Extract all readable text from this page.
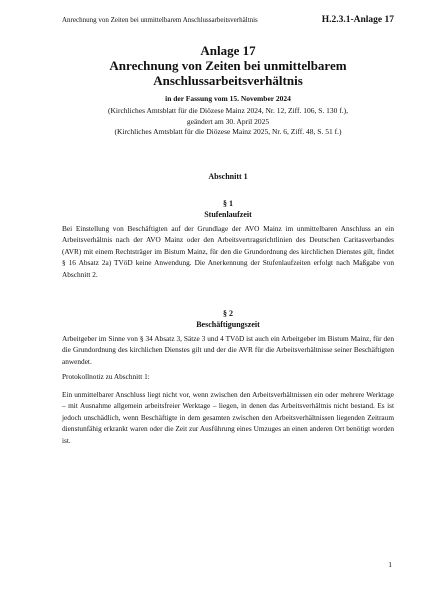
Anrechnung von Zeiten bei unmittelbarem Anschlussarbeitsverhältnis	H.2.3.1-Anlage 17
Anlage 17
Anrechnung von Zeiten bei unmittelbarem
Anschlussarbeitsverhältnis
in der Fassung vom 15. November 2024
(Kirchliches Amtsblatt für die Diözese Mainz 2024, Nr. 12, Ziff. 106, S. 130 f.),
geändert am 30. April 2025
(Kirchliches Amtsblatt für die Diözese Mainz 2025, Nr. 6, Ziff. 48, S. 51 f.)
Abschnitt 1
§ 1
Stufenlaufzeit
Bei Einstellung von Beschäftigten auf der Grundlage der AVO Mainz im unmittelbaren Anschluss an ein Arbeitsverhältnis nach der AVO Mainz oder den Arbeitsvertragsrichtlinien des Deutschen Caritasverbandes (AVR) mit einem Rechtsträger im Bistum Mainz, für den die Grundordnung des kirchlichen Dienstes gilt, findet § 16 Absatz 2a) TVöD keine Anwendung. Die Anerkennung der Stufenlaufzeiten erfolgt nach Maßgabe von Abschnitt 2.
§ 2
Beschäftigungszeit
Arbeitgeber im Sinne von § 34 Absatz 3, Sätze 3 und 4 TVöD ist auch ein Arbeitgeber im Bistum Mainz, für den die Grundordnung des kirchlichen Dienstes gilt und der die AVR für die Arbeitsverhältnisse seiner Beschäftigten anwendet.
Protokollnotiz zu Abschnitt 1:
Ein unmittelbarer Anschluss liegt nicht vor, wenn zwischen den Arbeitsverhältnissen ein oder mehrere Werktage – mit Ausnahme allgemein arbeitsfreier Werktage – liegen, in denen das Arbeitsverhältnis nicht bestand. Es ist jedoch unschädlich, wenn Beschäftigte in dem gesamten zwischen den Arbeitsverhältnissen liegenden Zeitraum dienstunfähig erkrankt waren oder die Zeit zur Ausführung eines Umzuges an einen anderen Ort benötigt worden ist.
1
